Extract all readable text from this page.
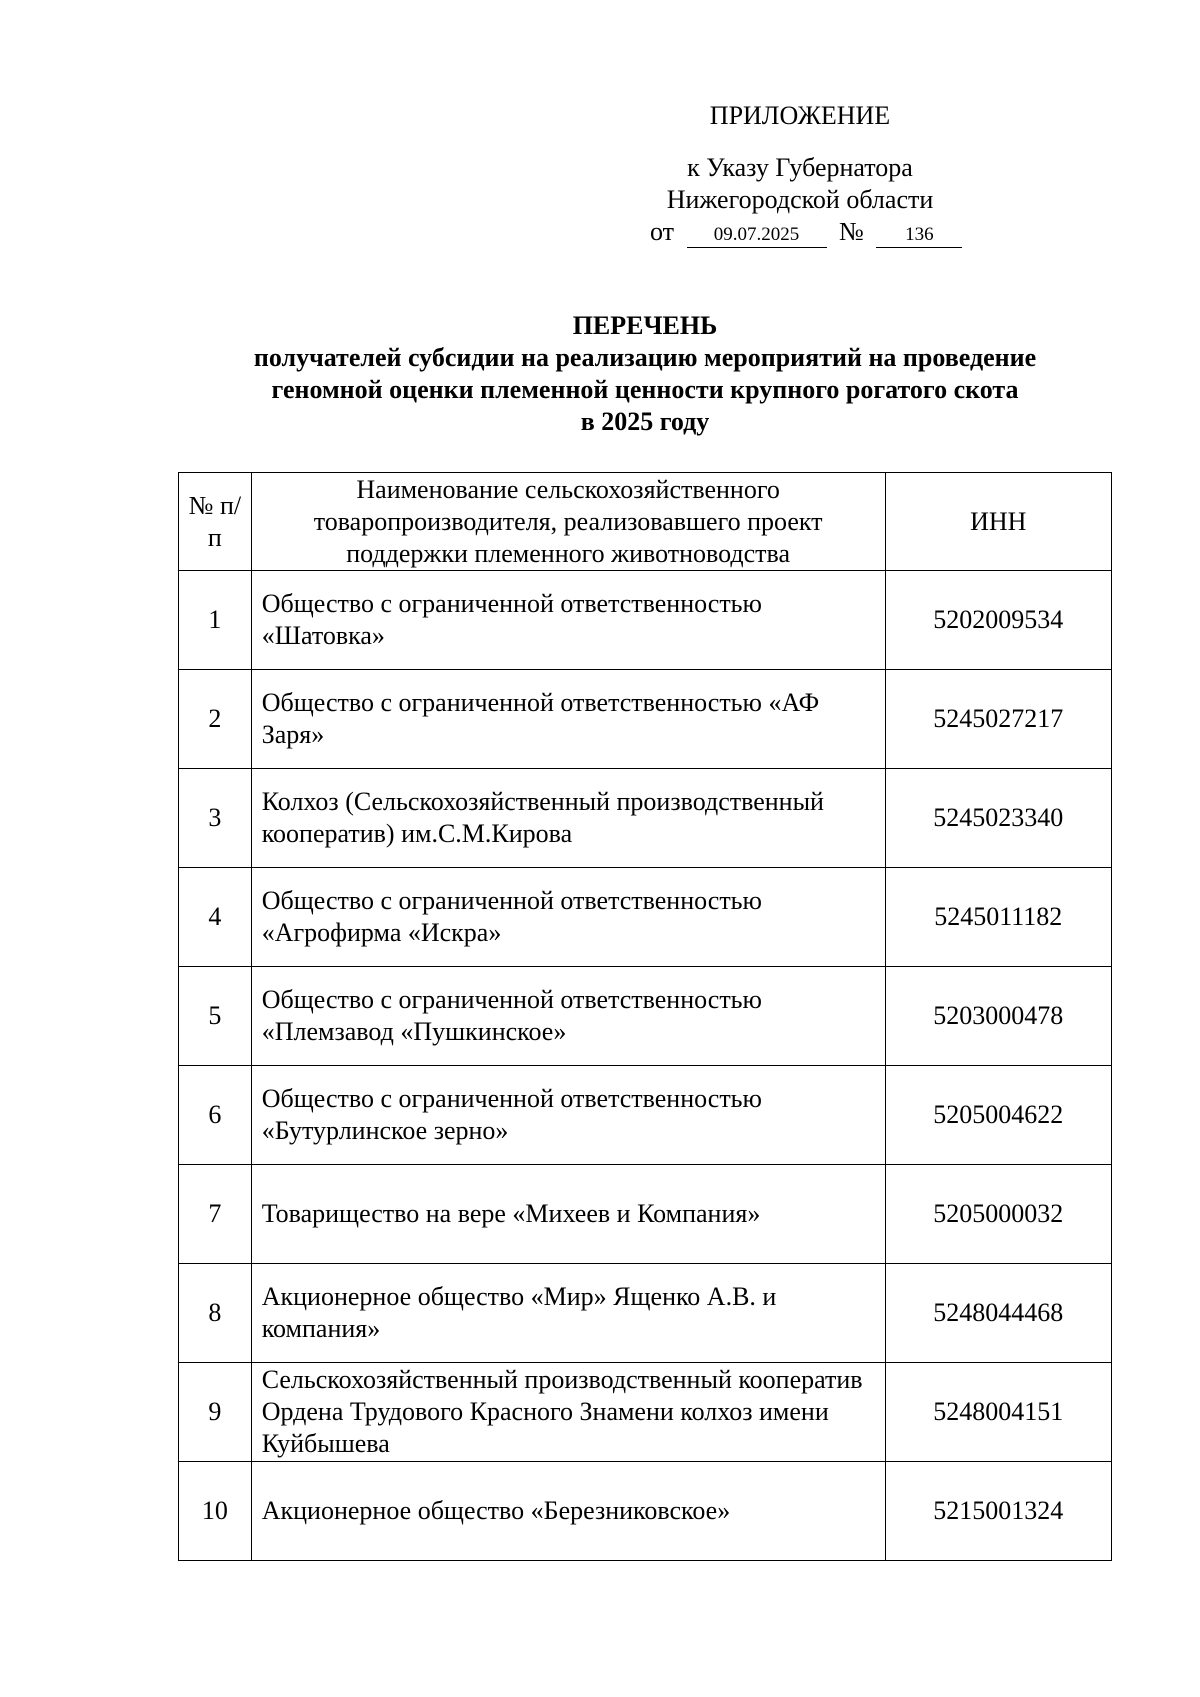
ПРИЛОЖЕНИЕ
к Указу Губернатора
Нижегородской области
от 09.07.2025 № 136

ПЕРЕЧЕНЬ

получателей субсидии на реализацию мероприятий на проведение

геномной оценки племенной ценности крупного рогатого скота

в 2025 году

№ п/п	Наименование сельскохозяйственного товаропроизводителя, реализовавшего проект поддержки племенного животноводства	ИНН
1	Общество с ограниченной ответственностью «Шатовка»	5202009534
2	Общество с ограниченной ответственностью «АФ Заря»	5245027217
3	Колхоз (Сельскохозяйственный производственный кооператив) им.С.М.Кирова	5245023340
4	Общество с ограниченной ответственностью «Агрофирма «Искра»	5245011182
5	Общество с ограниченной ответственностью «Племзавод «Пушкинское»	5203000478
6	Общество с ограниченной ответственностью «Бутурлинское зерно»	5205004622
7	Товарищество на вере «Михеев и Компания»	5205000032
8	Акционерное общество «Мир» Ященко А.В. и компания»	5248044468
9	Сельскохозяйственный производственный кооператив Ордена Трудового Красного Знамени колхоз имени Куйбышева	5248004151
10	Акционерное общество «Березниковское»	5215001324
